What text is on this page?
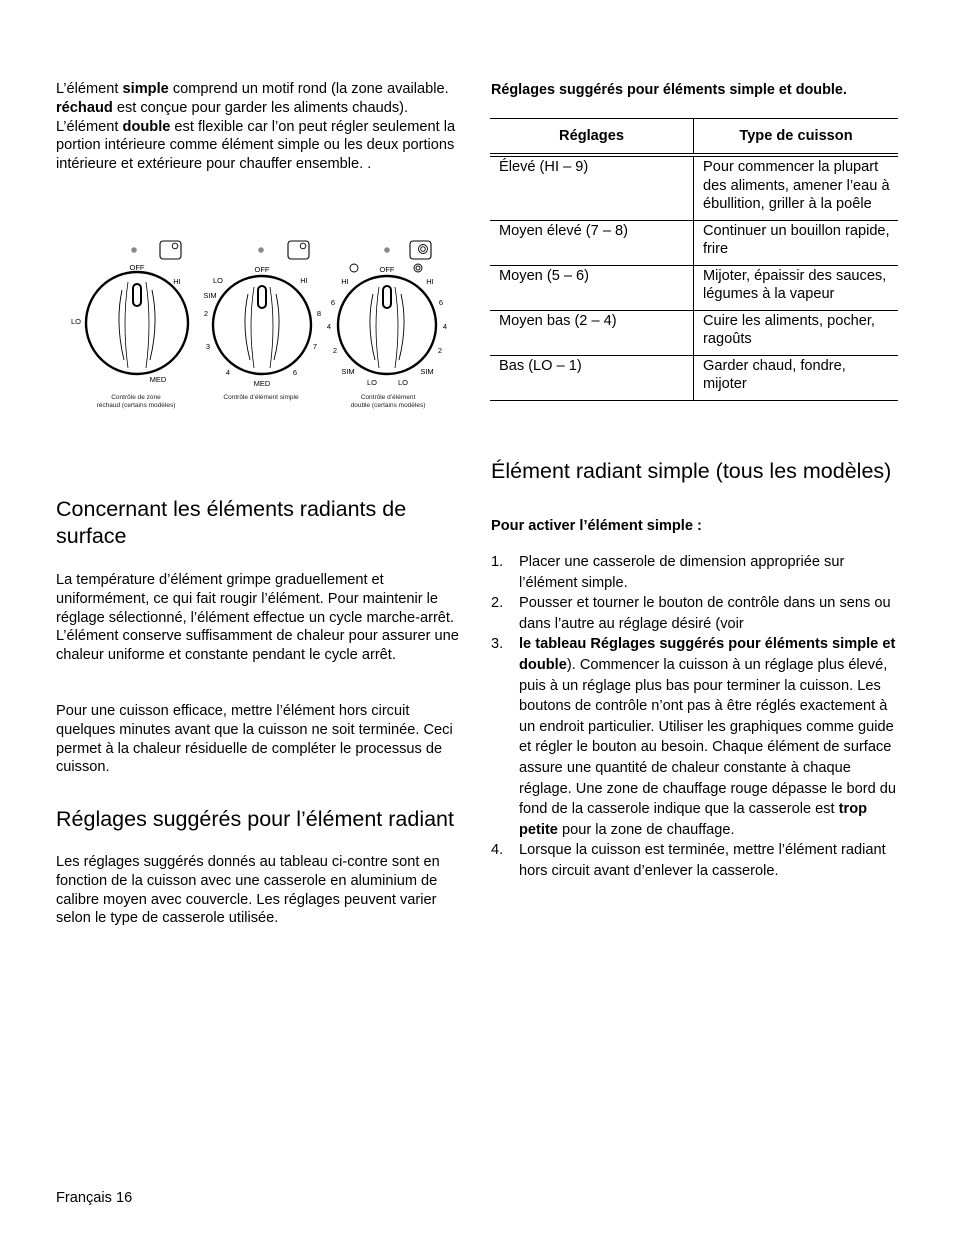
L’élément simple comprend un motif rond (la zone available. réchaud est conçue pour garder les aliments chauds). L’élément double est flexible car l’on peut régler seulement la portion intérieure comme élément simple ou les deux portions intérieure et extérieure pour chauffer ensemble. .

OFF
HI
LO
MED
OFF
LO	HI
SIM
2
3
4
MED
6
7
8
OFF
HI	HI
6
4
2
SIM
LO	LO
SIM
2
4
6
Contrôle de zone
réchaud (certains modèles)
Contrôle d’élément simple	Contrôle d’élément
double (certains modèles)
Concernant les éléments radiants de surface

La température d’élément grimpe graduellement et uniformément, ce qui fait rougir l’élément. Pour maintenir le réglage sélectionné, l’élément effectue un cycle marche-arrêt. L’élément conserve suffisamment de chaleur pour assurer une chaleur uniforme et constante pendant le cycle arrêt.

Pour une cuisson efficace, mettre l’élément hors circuit quelques minutes avant que la cuisson ne soit terminée. Ceci permet à la chaleur résiduelle de compléter le processus de cuisson.

Réglages suggérés pour l’élément radiant

Les réglages suggérés donnés au tableau ci-contre sont en fonction de la cuisson avec une casserole en aluminium de calibre moyen avec couvercle. Les réglages peuvent varier selon le type de casserole utilisée.

Réglages suggérés pour éléments simple et double.
Réglages	Type de cuisson
Élevé (HI – 9)	Pour commencer la plupart des aliments, amener l’eau à ébullition, griller à la poêle
Moyen élevé (7 – 8)	Continuer un bouillon rapide, frire
Moyen (5 – 6)	Mijoter, épaissir des sauces, légumes à la vapeur
Moyen bas (2 – 4)	Cuire les aliments, pocher, ragoûts
Bas (LO – 1)	Garder chaud, fondre, mijoter
Élément radiant simple (tous les modèles)
Pour activer l’élément simple :
1. Placer une casserole de dimension appropriée sur l’élément simple.
2. Pousser et tourner le bouton de contrôle dans un sens ou dans l’autre au réglage désiré (voir
3. le tableau Réglages suggérés pour éléments simple et double). Commencer la cuisson à un réglage plus élevé, puis à un réglage plus bas pour terminer la cuisson. Les boutons de contrôle n’ont pas à être réglés exactement à un endroit particulier. Utiliser les graphiques comme guide et régler le bouton au besoin. Chaque élément de surface assure une quantité de chaleur constante à chaque réglage. Une zone de chauffage rouge dépasse le bord du fond de la casserole indique que la casserole est trop petite pour la zone de chauffage.
4. Lorsque la cuisson est terminée, mettre l’élément radiant hors circuit avant d’enlever la casserole.
Français 16
